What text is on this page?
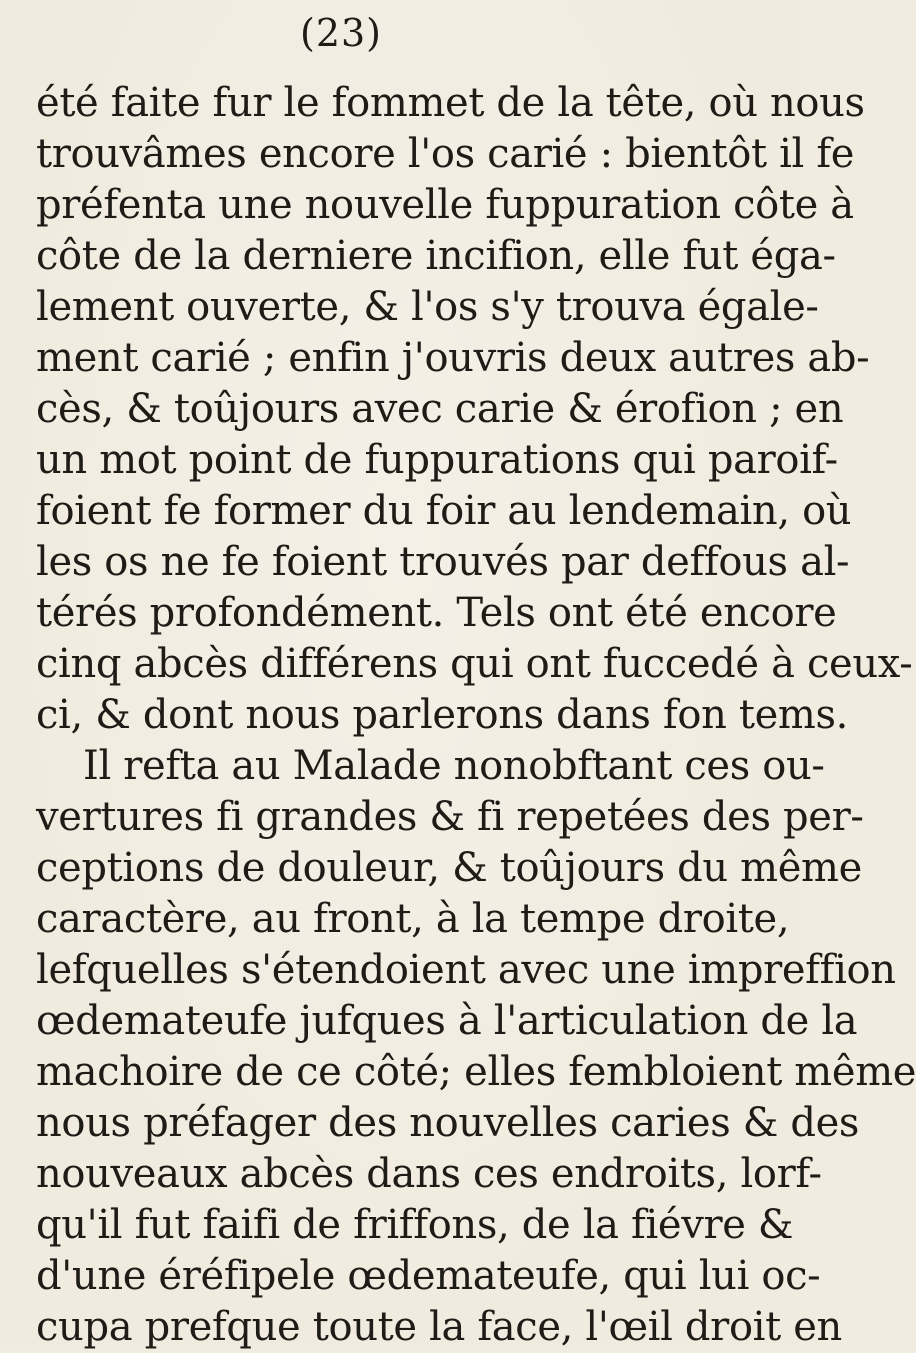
(23)
été faite fur le fommet de la tête, où nous
trouvâmes encore l'os carié : bientôt il fe
préfenta une nouvelle fuppuration côte à
côte de la derniere incifion, elle fut éga-
lement ouverte, & l'os s'y trouva égale-
ment carié ; enfin j'ouvris deux autres ab-
cès, & toûjours avec carie & érofion ; en
un mot point de fuppurations qui paroif-
foient fe former du foir au lendemain, où
les os ne fe foient trouvés par deffous al-
térés profondément. Tels ont été encore
cinq abcès différens qui ont fuccedé à ceux-
ci, & dont nous parlerons dans fon tems.
Il refta au Malade nonobftant ces ou-
vertures fi grandes & fi repetées des per-
ceptions de douleur, & toûjours du même
caractère, au front, à la tempe droite,
lefquelles s'étendoient avec une impreffion
œdemateufe jufques à l'articulation de la
machoire de ce côté; elles fembloient même
nous préfager des nouvelles caries & des
nouveaux abcès dans ces endroits, lorf-
qu'il fut faifi de friffons, de la fiévre &
d'une éréfipele œdemateufe, qui lui oc-
cupa prefque toute la face, l'œil droit en
